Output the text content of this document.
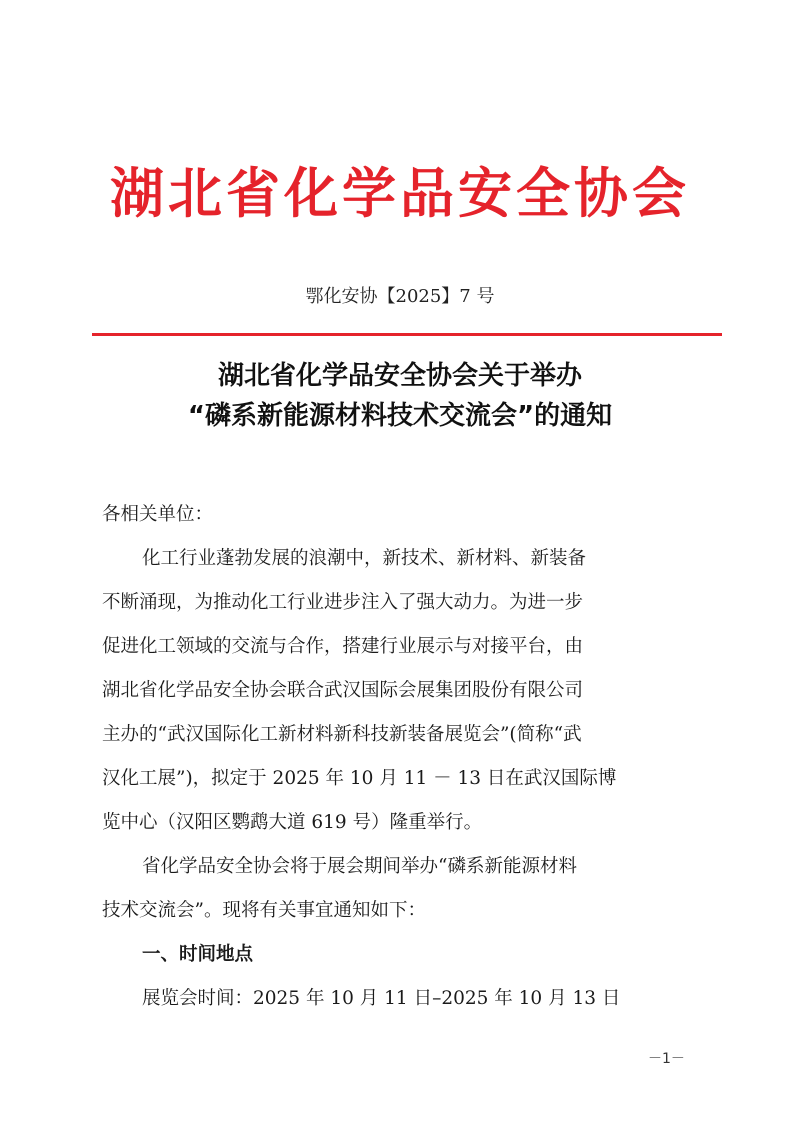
湖北省化学品安全协会
鄂化安协【2025】7 号
湖北省化学品安全协会关于举办
“磷系新能源材料技术交流会”的通知

各相关单位：

化工行业蓬勃发展的浪潮中，新技术、新材料、新装备

不断涌现，为推动化工行业进步注入了强大动力。为进一步

促进化工领域的交流与合作，搭建行业展示与对接平台，由

湖北省化学品安全协会联合武汉国际会展集团股份有限公司

主办的“武汉国际化工新材料新科技新装备展览会”(简称“武

汉化工展”)，拟定于 2025 年 10 月 11 － 13 日在武汉国际博

览中心（汉阳区鹦鹉大道 619 号）隆重举行。

省化学品安全协会将于展会期间举办“磷系新能源材料

技术交流会”。现将有关事宜通知如下：

一、时间地点

展览会时间：2025 年 10 月 11 日–2025 年 10 月 13 日

－1－
